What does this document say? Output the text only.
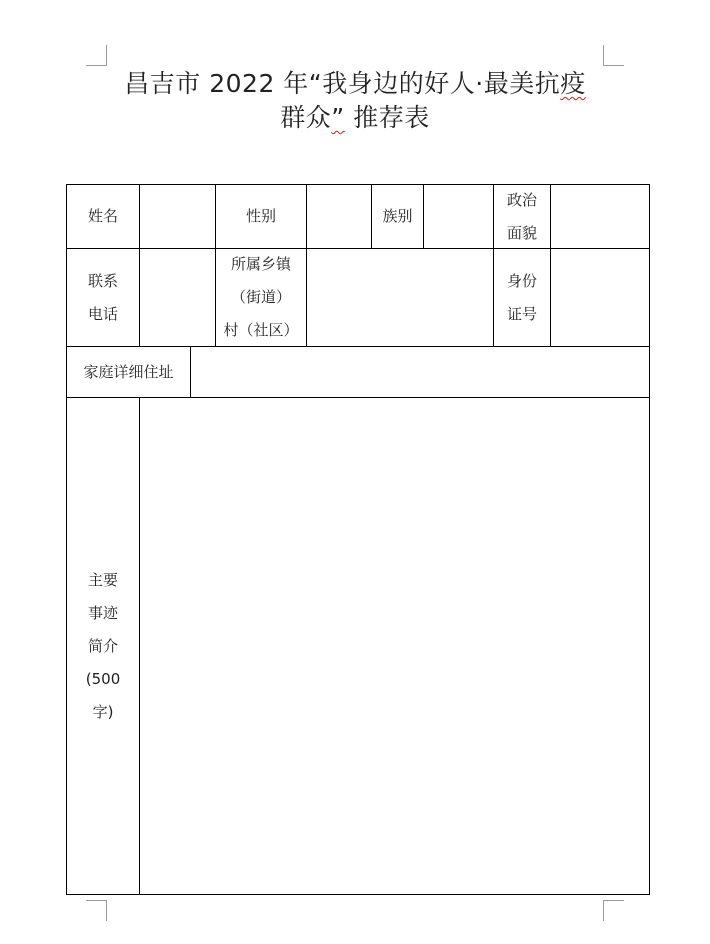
昌吉市 2022 年“我身边的好人·最美抗疫
群众” 推荐表
姓名	性别	族别
政治
面貌
联系
电话
所属乡镇
（街道）
村（社区）
身份
证号
家庭详细住址
主要
事迹
简介
(500
字)
